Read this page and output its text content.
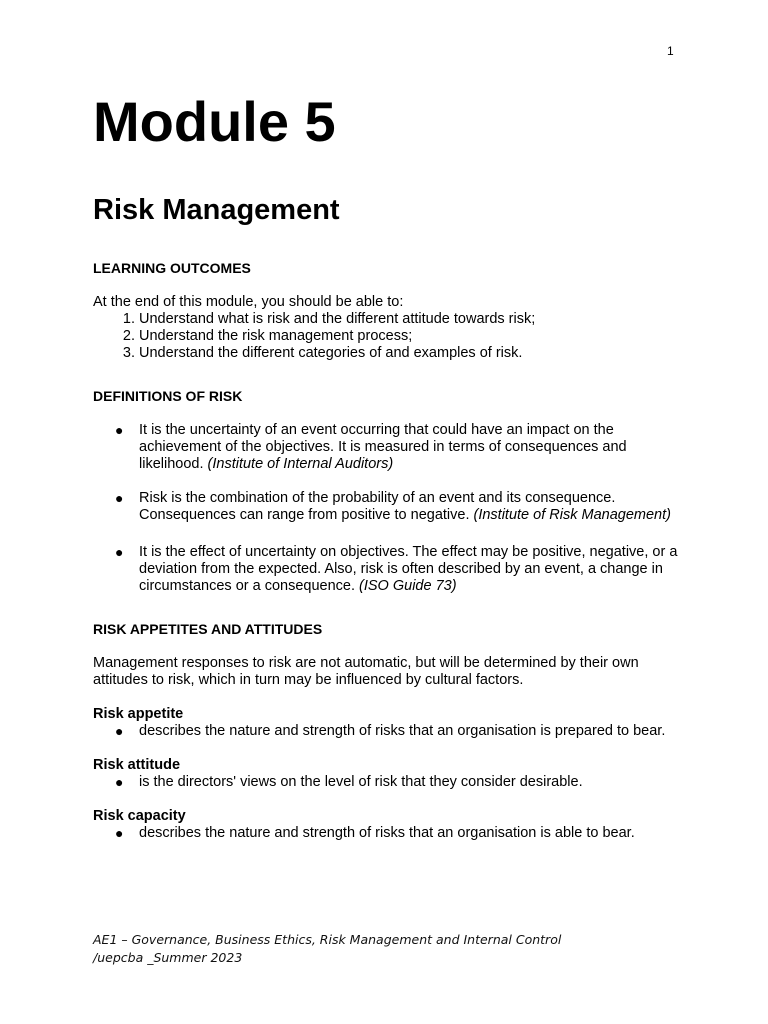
1
Module 5
Risk Management

LEARNING OUTCOMES

At the end of this module, you should be able to:

1. Understand what is risk and the different attitude towards risk;
2. Understand the risk management process;
3. Understand the different categories of and examples of risk.

DEFINITIONS OF RISK

● It is the uncertainty of an event occurring that could have an impact on the achievement of the objectives. It is measured in terms of consequences and likelihood. (Institute of Internal Auditors)
● Risk is the combination of the probability of an event and its consequence. Consequences can range from positive to negative. (Institute of Risk Management)
● It is the effect of uncertainty on objectives. The effect may be positive, negative, or a deviation from the expected. Also, risk is often described by an event, a change in circumstances or a consequence. (ISO Guide 73)

RISK APPETITES AND ATTITUDES

Management responses to risk are not automatic, but will be determined by their own attitudes to risk, which in turn may be influenced by cultural factors.

Risk appetite

● describes the nature and strength of risks that an organisation is prepared to bear.

Risk attitude

● is the directors' views on the level of risk that they consider desirable.

Risk capacity

● describes the nature and strength of risks that an organisation is able to bear.
AE1 – Governance, Business Ethics, Risk Management and Internal Control
/uepcba _Summer 2023
